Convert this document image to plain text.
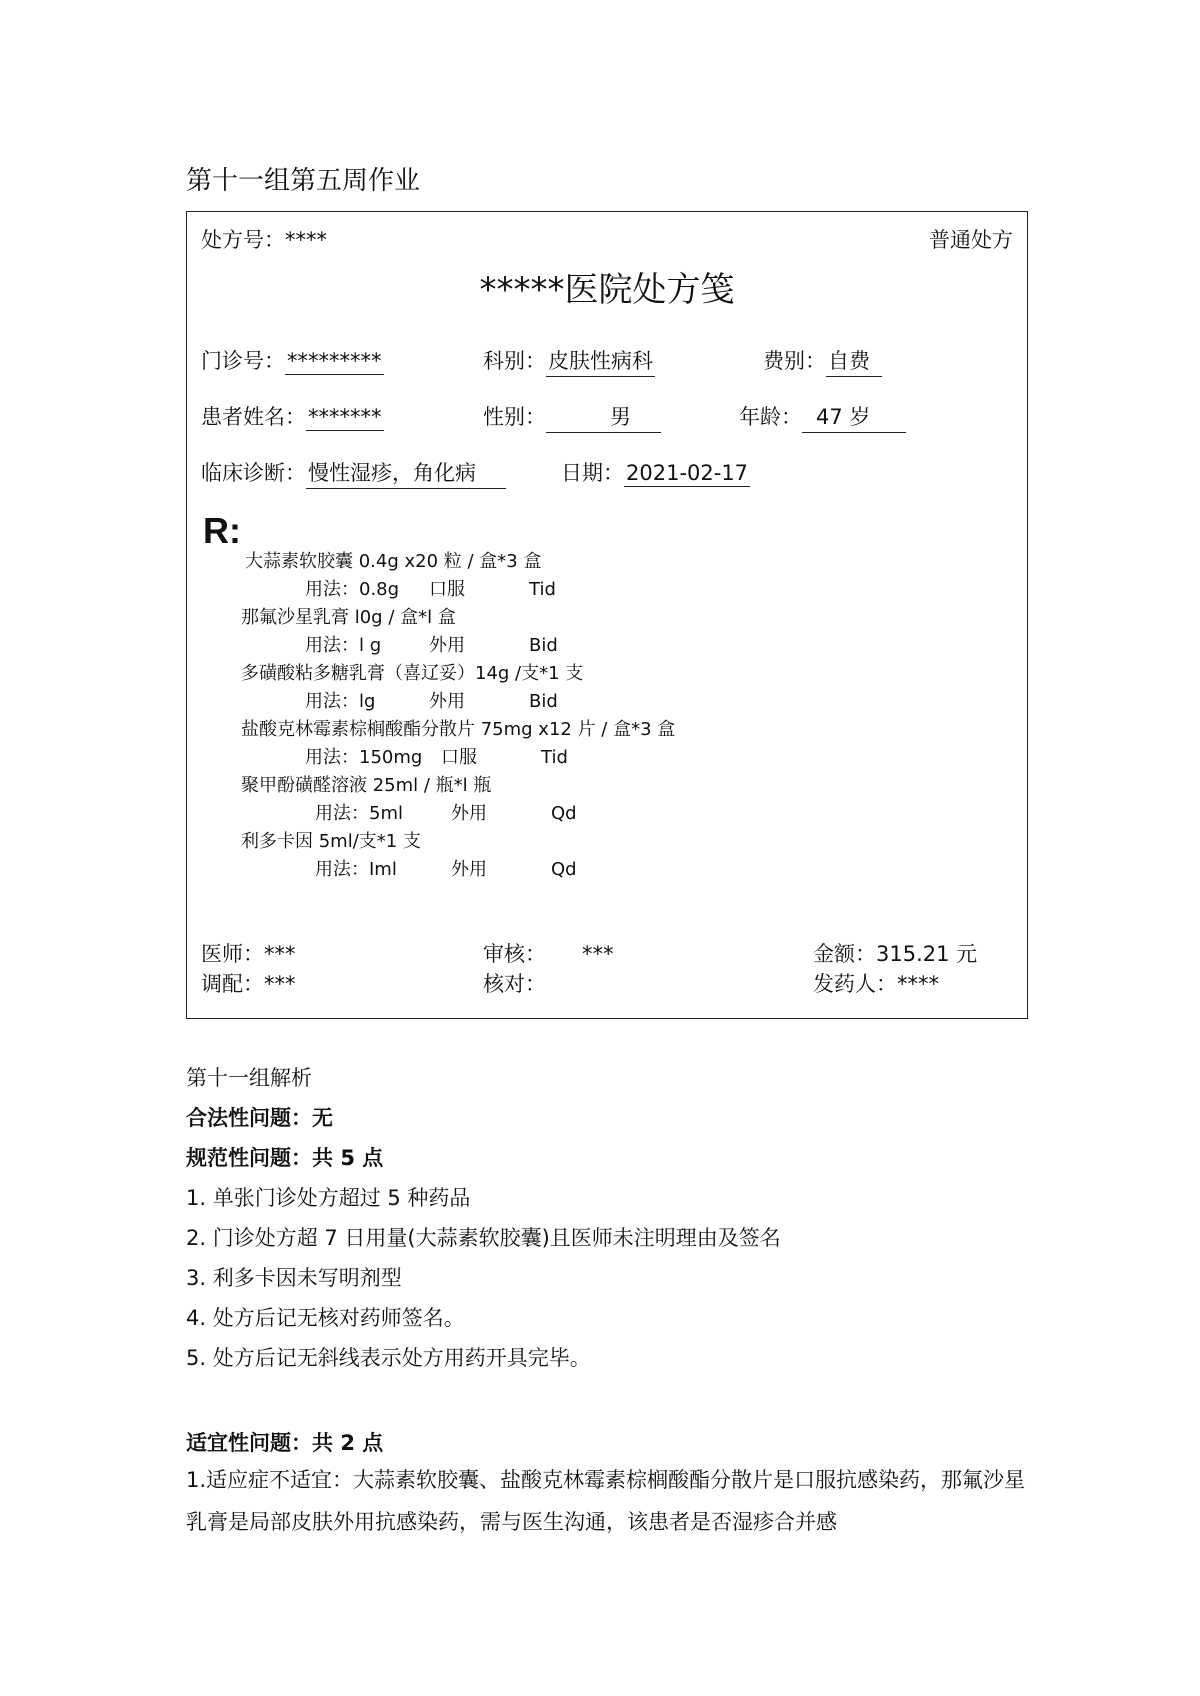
第十一组第五周作业
处方号：****	普通处方
*****医院处方笺
门诊号：*********	科别：皮肤性病科	费别：自费
患者姓名：*******	性别：	男	年龄： 47 岁
临床诊断：慢性湿疹，角化病	日期：2021-02-17
R:
大蒜素软胶囊 0.4g x20 粒 / 盒*3 盒
用法：0.8g 口服	Tid
那氟沙星乳膏 l0g / 盒*l 盒
用法：l g	外用	Bid
多磺酸粘多糖乳膏（喜辽妥）14g /支*1 支
用法：lg	外用	Bid
盐酸克林霉素棕榈酸酯分散片 75mg x12 片 / 盒*3 盒
用法：150mg 口服	Tid
聚甲酚磺醛溶液 25ml / 瓶*l 瓶
用法：5ml	外用	Qd
利多卡因 5ml/支*1 支
用法：Iml	外用	Qd
医师：***	审核： ***	金额：315.21 元
调配：***	核对：	发药人：****
第十一组解析
合法性问题：无
规范性问题：共 5 点
1. 单张门诊处方超过 5 种药品
2. 门诊处方超 7 日用量(大蒜素软胶囊)且医师未注明理由及签名
3. 利多卡因未写明剂型
4. 处方后记无核对药师签名。
5. 处方后记无斜线表示处方用药开具完毕。
适宜性问题：共 2 点
1.适应症不适宜：大蒜素软胶囊、盐酸克林霉素棕榈酸酯分散片是口服抗感染药，那氟沙星乳膏是局部皮肤外用抗感染药，需与医生沟通，该患者是否湿疹合并感
